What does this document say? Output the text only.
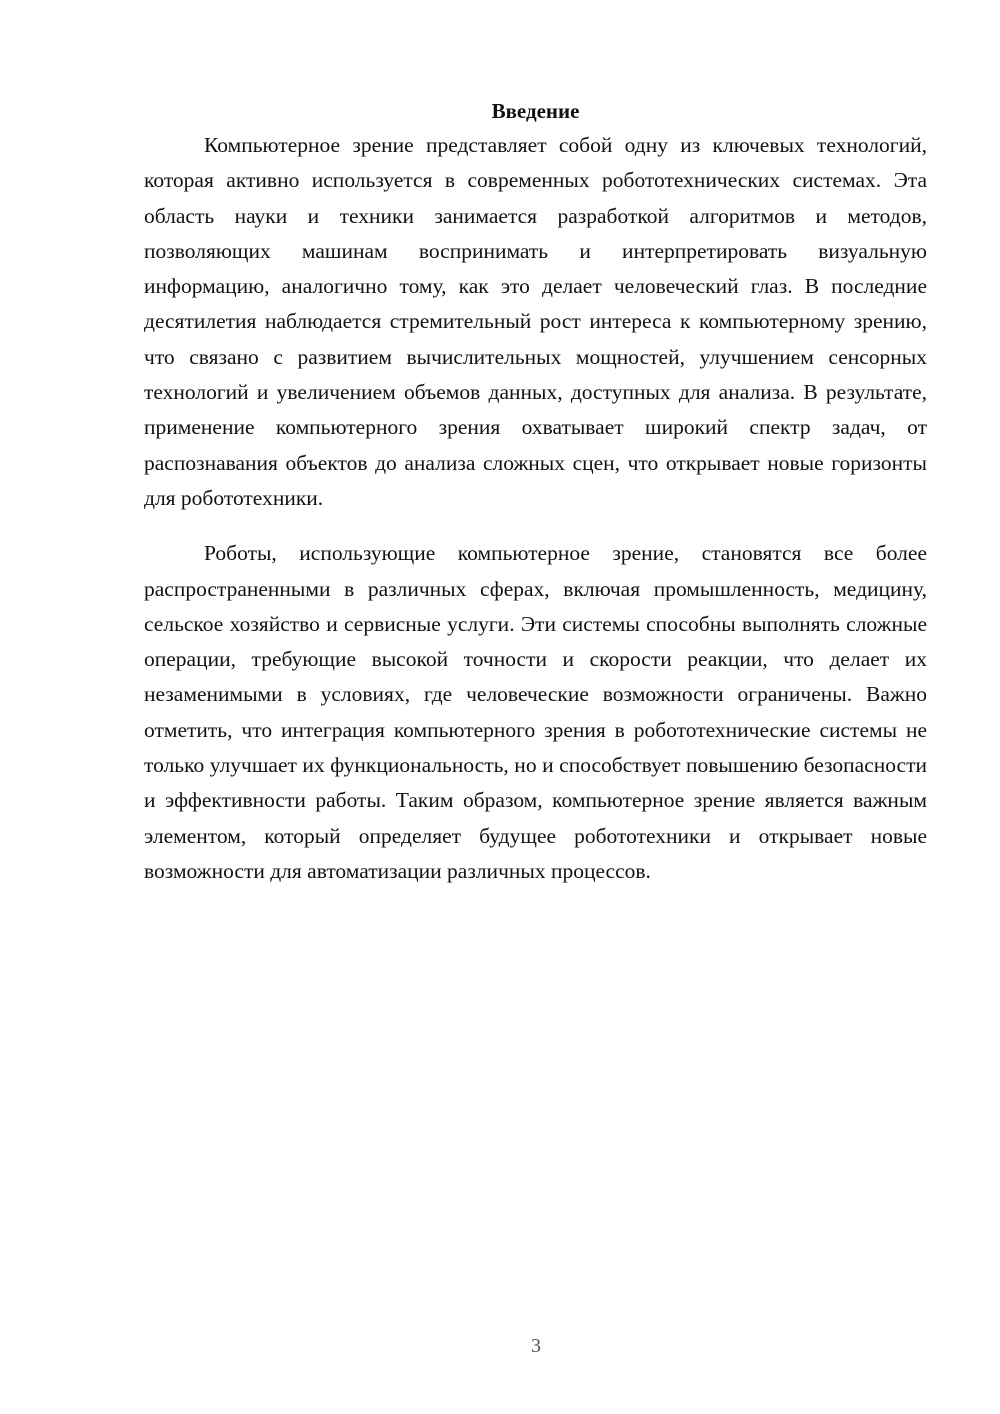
Введение

Компьютерное зрение представляет собой одну из ключевых технологий, которая активно используется в современных робототехнических системах. Эта область науки и техники занимается разработкой алгоритмов и методов, позволяющих машинам воспринимать и интерпретировать визуальную информацию, аналогично тому, как это делает человеческий глаз. В последние десятилетия наблюдается стремительный рост интереса к компьютерному зрению, что связано с развитием вычислительных мощностей, улучшением сенсорных технологий и увеличением объемов данных, доступных для анализа. В результате, применение компьютерного зрения охватывает широкий спектр задач, от распознавания объектов до анализа сложных сцен, что открывает новые горизонты для робототехники.

Роботы, использующие компьютерное зрение, становятся все более распространенными в различных сферах, включая промышленность, медицину, сельское хозяйство и сервисные услуги. Эти системы способны выполнять сложные операции, требующие высокой точности и скорости реакции, что делает их незаменимыми в условиях, где человеческие возможности ограничены. Важно отметить, что интеграция компьютерного зрения в робототехнические системы не только улучшает их функциональность, но и способствует повышению безопасности и эффективности работы. Таким образом, компьютерное зрение является важным элементом, который определяет будущее робототехники и открывает новые возможности для автоматизации различных процессов.

3
